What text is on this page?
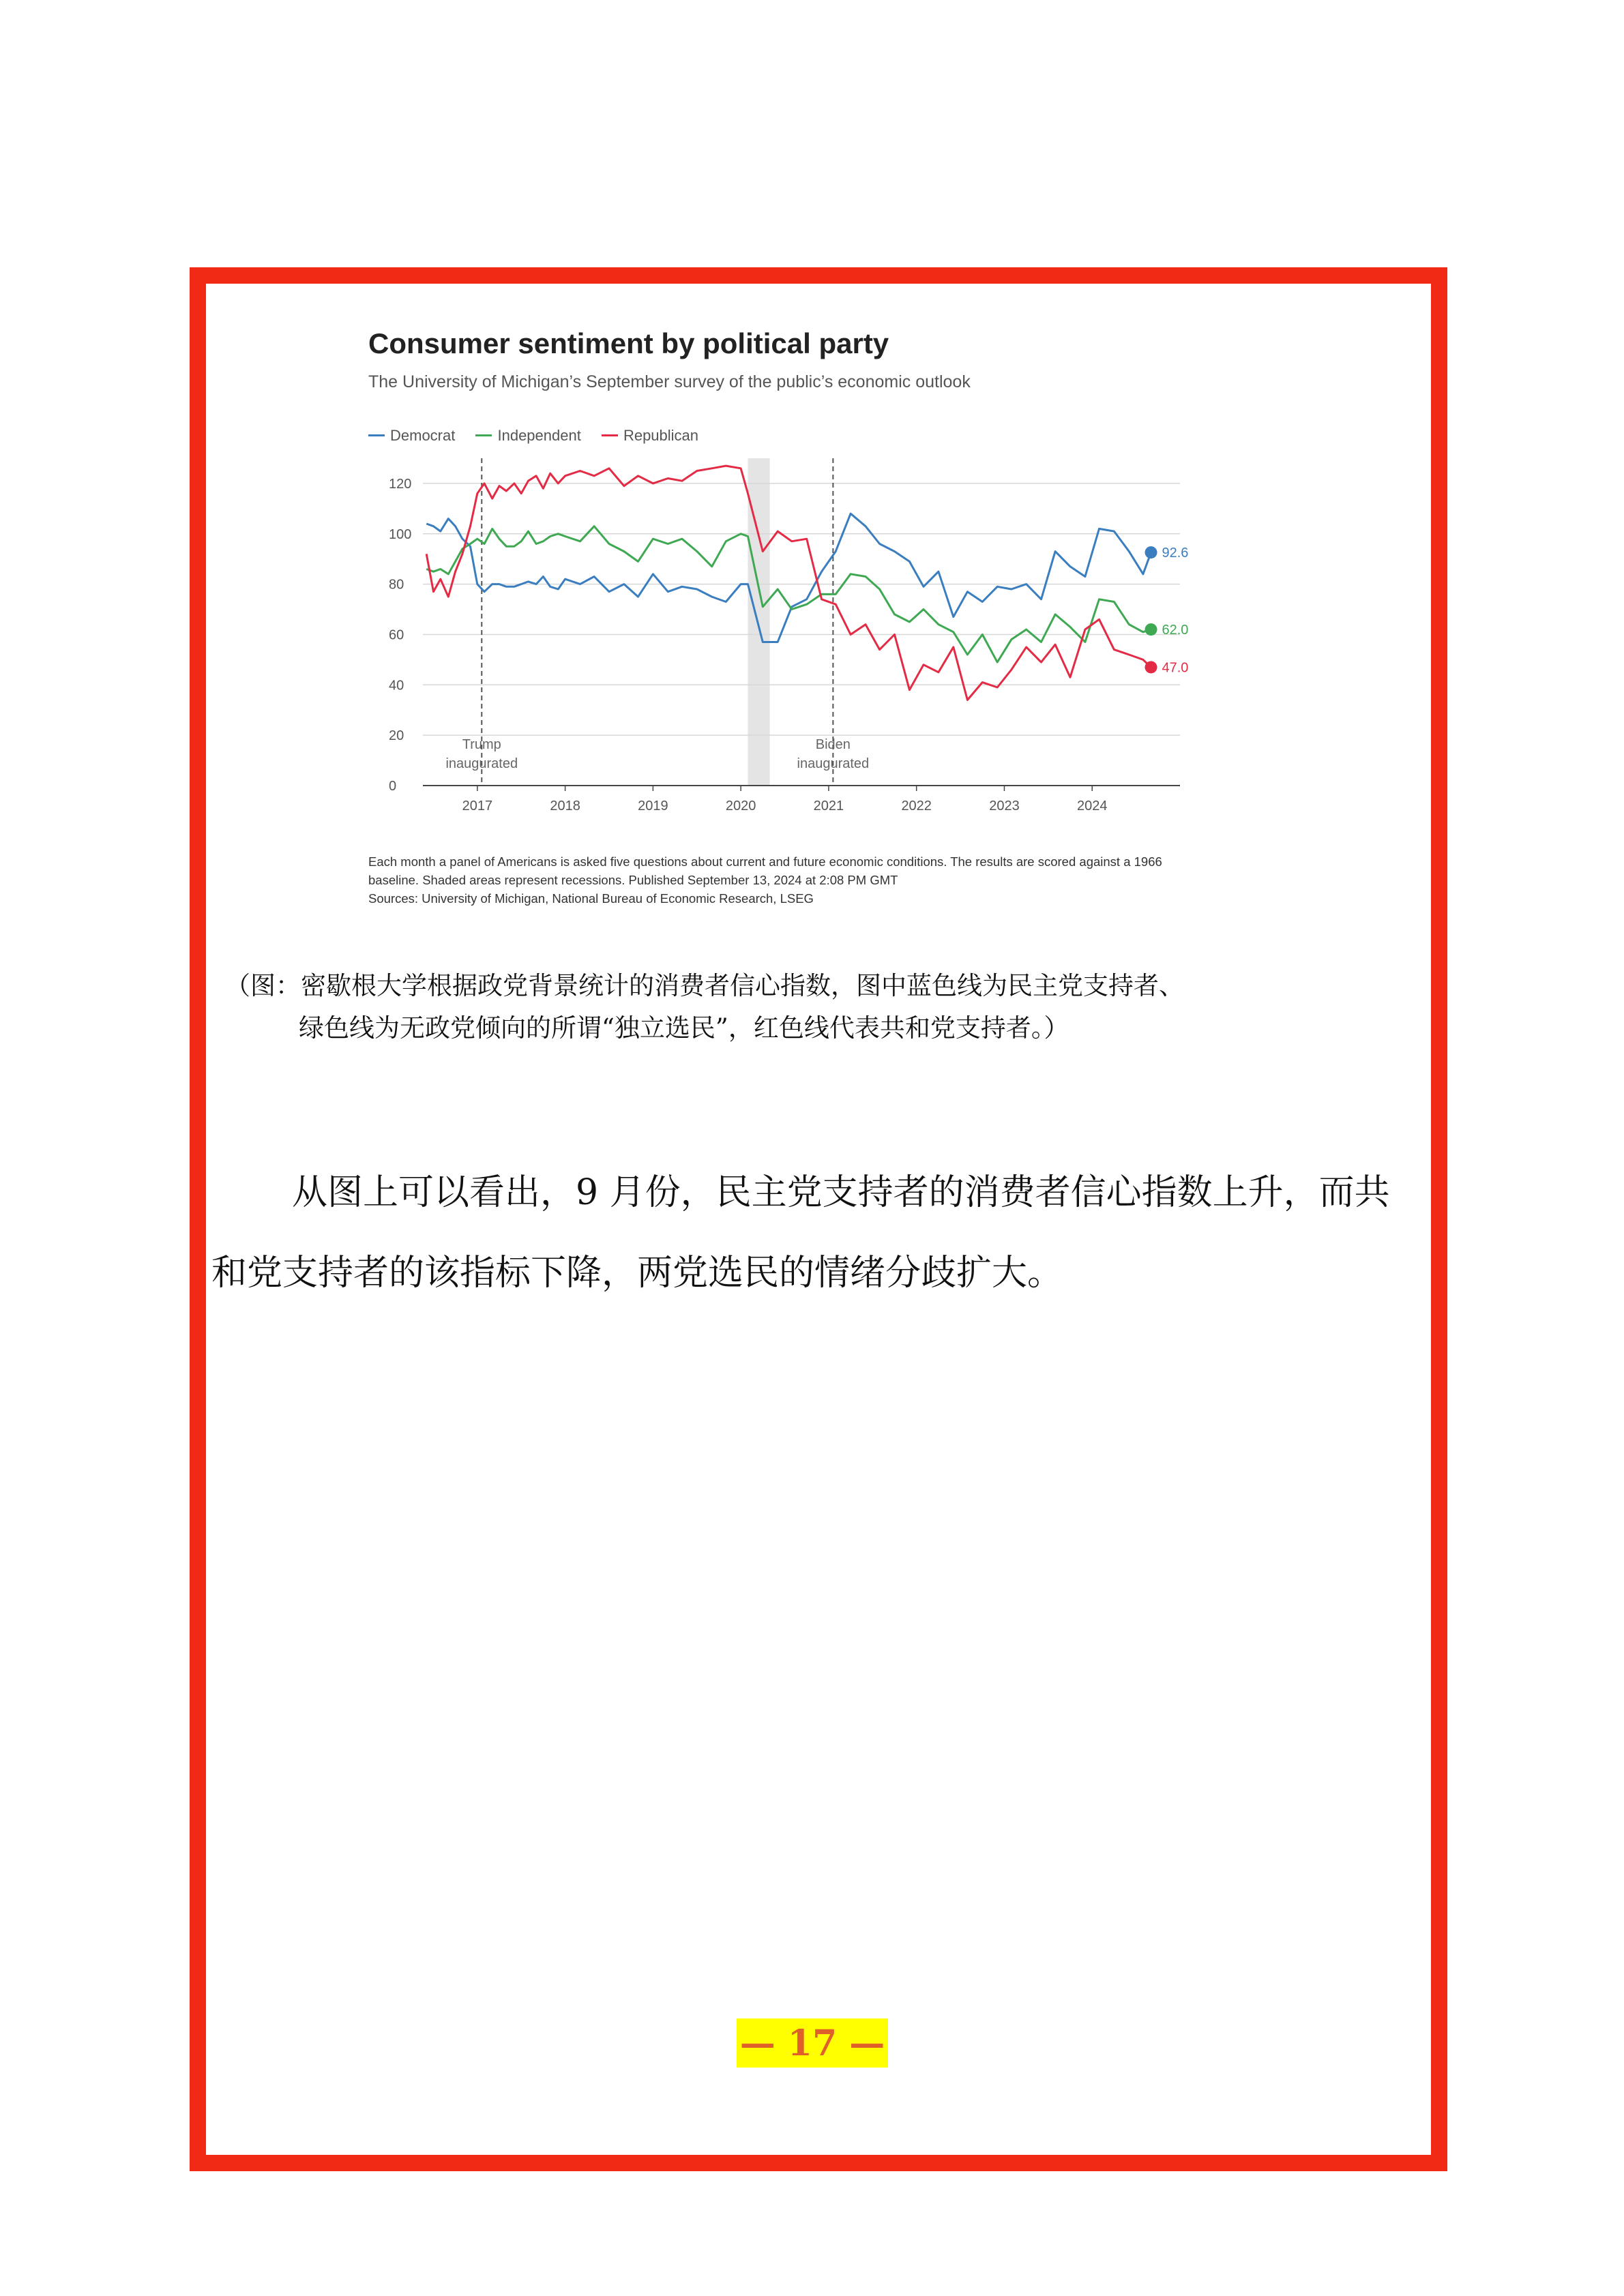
Consumer sentiment by political party
The University of Michigan’s September survey of the public’s economic outlook
Democrat
	Independent
	Republican
0
20
40
60
80
100
120
2017	2018	2019	2020	2021	2022	2023	2024
Trump
inaugurated
Biden
inaugurated
92.6
62.0
47.0
Each month a panel of Americans is asked five questions about current and future economic conditions. The results are scored against a 1966
baseline. Shaded areas represent recessions. Published September 13, 2024 at 2:08 PM GMT
Sources: University of Michigan, National Bureau of Economic Research, LSEG
（图：密歇根大学根据政党背景统计的消费者信心指数，图中蓝色线为民主党支持者、
绿色线为无政党倾向的所谓“独立选民”，红色线代表共和党支持者。）
从图上可以看出，9 月份，民主党支持者的消费者信心指数上升，而共和党支持者的该指标下降，两党选民的情绪分歧扩大。
— 17 —
